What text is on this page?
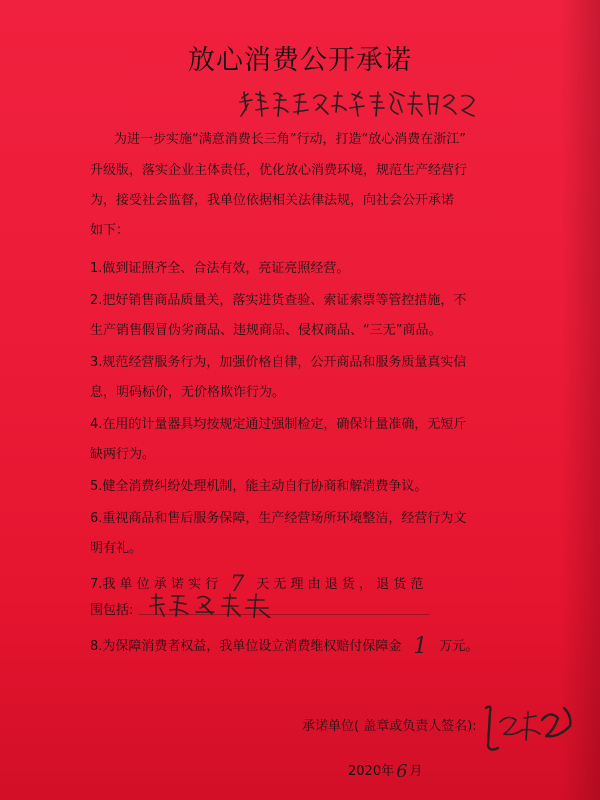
放心消费公开承诺

为进一步实施“满意消费长三角”行动，打造“放心消费在浙江”

升级版，落实企业主体责任，优化放心消费环境，规范生产经营行

为，接受社会监督，我单位依据相关法律法规，向社会公开承诺

如下：

1.做到证照齐全、合法有效，亮证亮照经营。

2.把好销售商品质量关，落实进货查验、索证索票等管控措施，不

生产销售假冒伪劣商品、违规商品、侵权商品、“三无”商品。

3.规范经营服务行为，加强价格自律，公开商品和服务质量真实信

息，明码标价，无价格欺诈行为。

4.在用的计量器具均按规定通过强制检定，确保计量准确，无短斤

缺两行为。

5.健全消费纠纷处理机制，能主动自行协商和解消费争议。

6.重视商品和售后服务保障，生产经营场所环境整洁，经营行为文

明有礼。

7.我 单 位 承 诺 实 行 7 天 无 理 由 退 货 ， 退 货 范

围包括:

8.为保障消费者权益，我单位设立消费维权赔付保障金 1 万元。

承诺单位( 盖章或负责人签名):

2020年 6 月
